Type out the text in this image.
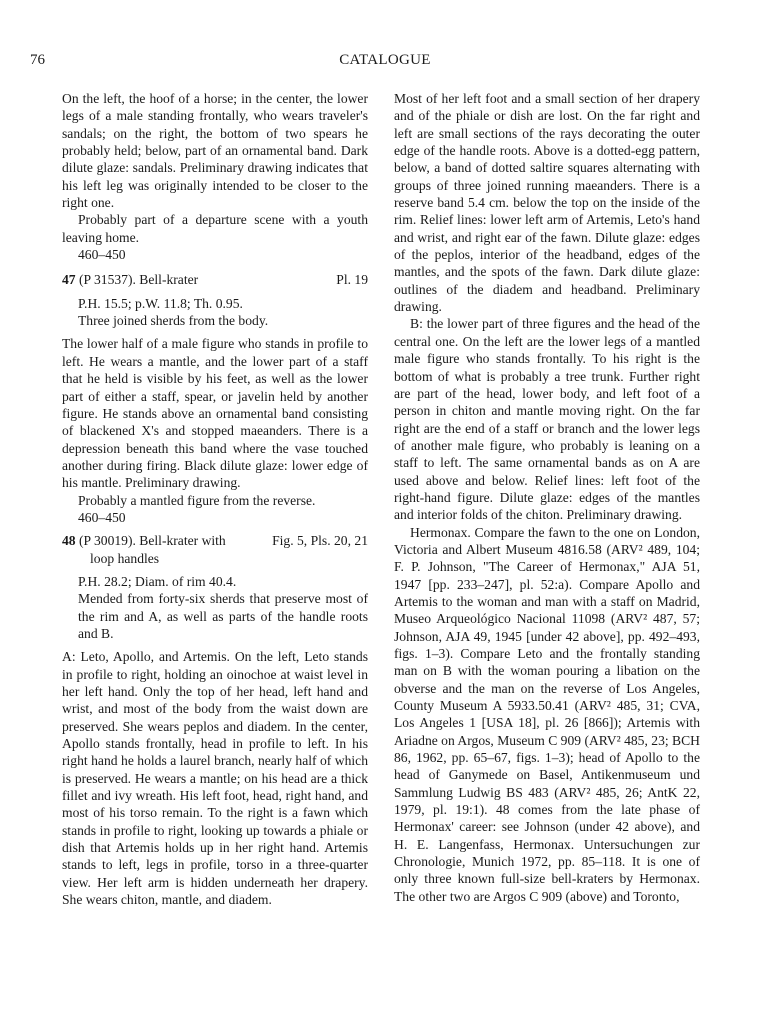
76	CATALOGUE

On the left, the hoof of a horse; in the center, the lower legs of a male standing frontally, who wears traveler's sandals; on the right, the bottom of two spears he probably held; below, part of an ornamental band. Dark dilute glaze: sandals. Preliminary drawing indicates that his left leg was originally intended to be closer to the right one.

Probably part of a departure scene with a youth leaving home.

460–450

47 (P 31537). Bell-krater	Pl. 19

P.H. 15.5; p.W. 11.8; Th. 0.95.

Three joined sherds from the body.

The lower half of a male figure who stands in profile to left. He wears a mantle, and the lower part of a staff that he held is visible by his feet, as well as the lower part of either a staff, spear, or javelin held by another figure. He stands above an ornamental band consisting of blackened X's and stopped maeanders. There is a depression beneath this band where the vase touched another during firing. Black dilute glaze: lower edge of his mantle. Preliminary drawing.

Probably a mantled figure from the reverse.

460–450

48 (P 30019). Bell-krater with
loop handles
Fig. 5, Pls. 20, 21

P.H. 28.2; Diam. of rim 40.4.

Mended from forty-six sherds that preserve most of the rim and A, as well as parts of the handle roots and B.

A: Leto, Apollo, and Artemis. On the left, Leto stands in profile to right, holding an oinochoe at waist level in her left hand. Only the top of her head, left hand and wrist, and most of the body from the waist down are preserved. She wears peplos and diadem. In the center, Apollo stands frontally, head in profile to left. In his right hand he holds a laurel branch, nearly half of which is preserved. He wears a mantle; on his head are a thick fillet and ivy wreath. His left foot, head, right hand, and most of his torso remain. To the right is a fawn which stands in profile to right, looking up towards a phiale or dish that Artemis holds up in her right hand. Artemis stands to left, legs in profile, torso in a three-quarter view. Her left arm is hidden underneath her drapery. She wears chiton, mantle, and diadem.

Most of her left foot and a small section of her drapery and of the phiale or dish are lost. On the far right and left are small sections of the rays decorating the outer edge of the handle roots. Above is a dotted-egg pattern, below, a band of dotted saltire squares alternating with groups of three joined running maeanders. There is a reserve band 5.4 cm. below the top on the inside of the rim. Relief lines: lower left arm of Artemis, Leto's hand and wrist, and right ear of the fawn. Dilute glaze: edges of the peplos, interior of the headband, edges of the mantles, and the spots of the fawn. Dark dilute glaze: outlines of the diadem and headband. Preliminary drawing.

B: the lower part of three figures and the head of the central one. On the left are the lower legs of a mantled male figure who stands frontally. To his right is the bottom of what is probably a tree trunk. Further right are part of the head, lower body, and left foot of a person in chiton and mantle moving right. On the far right are the end of a staff or branch and the lower legs of another male figure, who probably is leaning on a staff to left. The same ornamental bands as on A are used above and below. Relief lines: left foot of the right-hand figure. Dilute glaze: edges of the mantles and interior folds of the chiton. Preliminary drawing.

Hermonax. Compare the fawn to the one on London, Victoria and Albert Museum 4816.58 (ARV² 489, 104; F. P. Johnson, "The Career of Hermonax," AJA 51, 1947 [pp. 233–247], pl. 52:a). Compare Apollo and Artemis to the woman and man with a staff on Madrid, Museo Arqueológico Nacional 11098 (ARV² 487, 57; Johnson, AJA 49, 1945 [under 42 above], pp. 492–493, figs. 1–3). Compare Leto and the frontally standing man on B with the woman pouring a libation on the obverse and the man on the reverse of Los Angeles, County Museum A 5933.50.41 (ARV² 485, 31; CVA, Los Angeles 1 [USA 18], pl. 26 [866]); Artemis with Ariadne on Argos, Museum C 909 (ARV² 485, 23; BCH 86, 1962, pp. 65–67, figs. 1–3); head of Apollo to the head of Ganymede on Basel, Antikenmuseum und Sammlung Ludwig BS 483 (ARV² 485, 26; AntK 22, 1979, pl. 19:1). 48 comes from the late phase of Hermonax' career: see Johnson (under 42 above), and H. E. Langenfass, Hermonax. Untersuchungen zur Chronologie, Munich 1972, pp. 85–118. It is one of only three known full-size bell-kraters by Hermonax. The other two are Argos C 909 (above) and Toronto,
